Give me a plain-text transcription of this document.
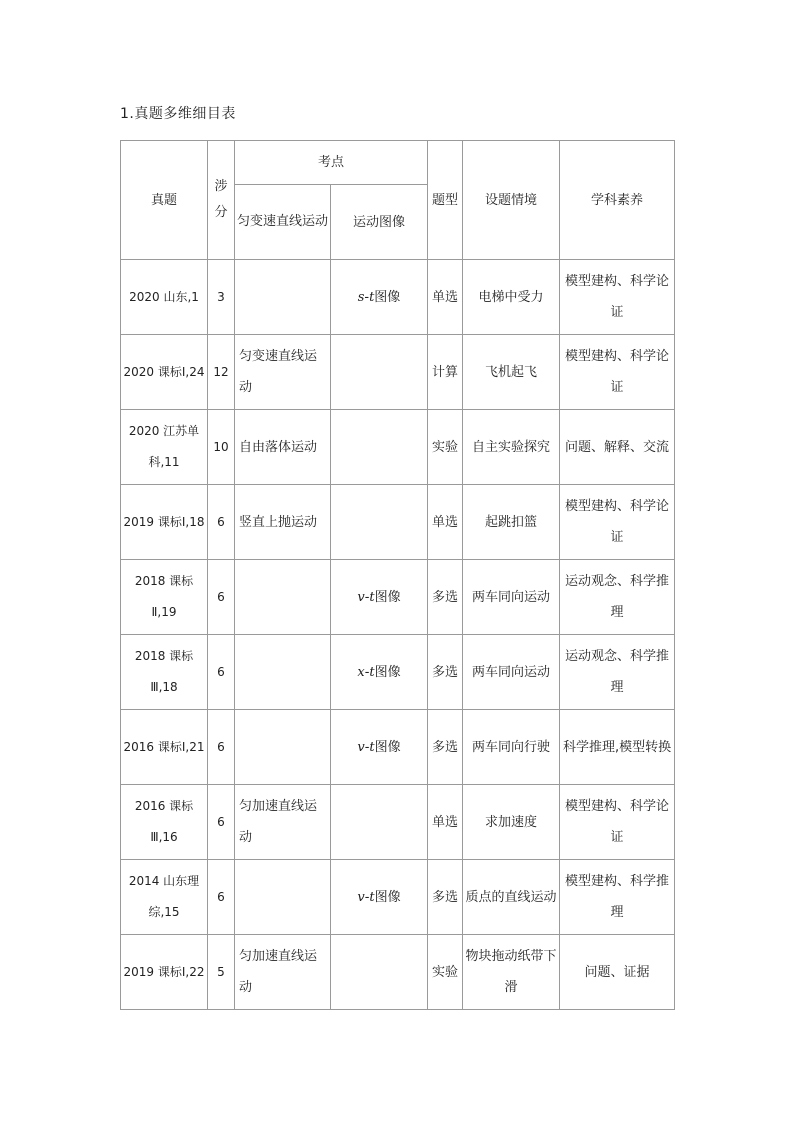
1.真题多维细目表
真题	涉分	考点		题型	设题情境	学科素养
		匀变速直线运动	运动图像			
2020 山东,1	3		s-t图像	单选	电梯中受力	模型建构、科学论证
2020 课标Ⅰ,24	12	匀变速直线运动		计算	飞机起飞	模型建构、科学论证
2020 江苏单科,11	10	自由落体运动		实验	自主实验探究	问题、解释、交流
2019 课标Ⅰ,18	6	竖直上抛运动		单选	起跳扣篮	模型建构、科学论证
2018 课标Ⅱ,19	6		v-t图像	多选	两车同向运动	运动观念、科学推理
2018 课标Ⅲ,18	6		x-t图像	多选	两车同向运动	运动观念、科学推理
2016 课标Ⅰ,21	6		v-t图像	多选	两车同向行驶	科学推理,模型转换
2016 课标Ⅲ,16	6	匀加速直线运动		单选	求加速度	模型建构、科学论证
2014 山东理综,15	6		v-t图像	多选	质点的直线运动	模型建构、科学推理
2019 课标Ⅰ,22	5	匀加速直线运动		实验	物块拖动纸带下滑	问题、证据
